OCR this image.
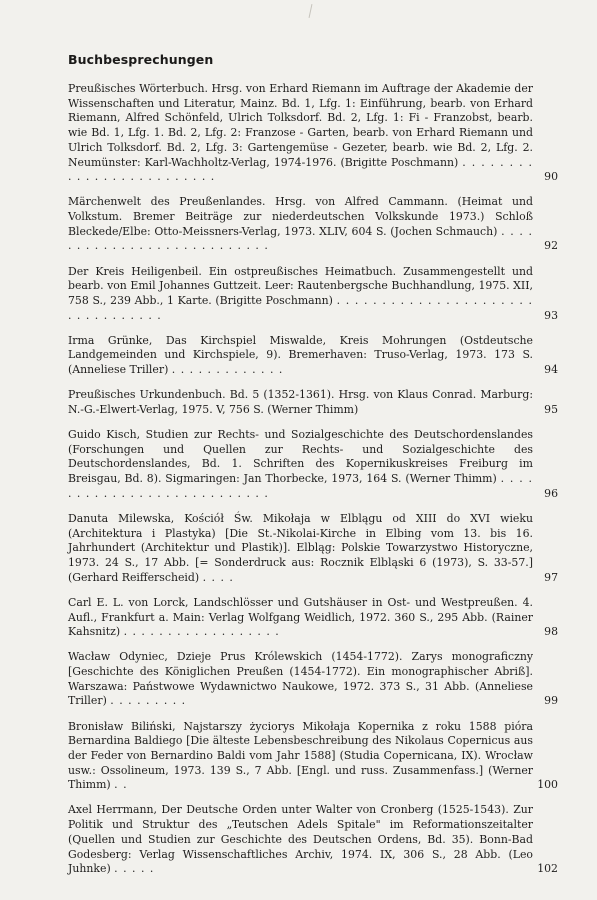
Buchbesprechungen
Preußisches Wörterbuch. Hrsg. von Erhard Riemann im Auftrage der Akademie der Wissenschaften und Literatur, Mainz. Bd. 1, Lfg. 1: Einführung, bearb. von Erhard Riemann, Alfred Schönfeld, Ulrich Tolksdorf. Bd. 2, Lfg. 1: Fi - Franzobst, bearb. wie Bd. 1, Lfg. 1. Bd. 2, Lfg. 2: Franzose - Garten, bearb. von Erhard Riemann und Ulrich Tolksdorf. Bd. 2, Lfg. 3: Gartengemüse - Gezeter, bearb. wie Bd. 2, Lfg. 2. Neumünster: Karl-Wachholtz-Verlag, 1974-1976. (Brigitte Poschmann) . . . . . . . . . . . . . . . . . . . . . . . . .	90
Märchenwelt des Preußenlandes. Hrsg. von Alfred Cammann. (Heimat und Volkstum. Bremer Beiträge zur niederdeutschen Volkskunde 1973.) Schloß Bleckede/Elbe: Otto-Meissners-Verlag, 1973. XLIV, 604 S. (Jochen Schmauch) . . . . . . . . . . . . . . . . . . . . . . . . . . .	92
Der Kreis Heiligenbeil. Ein ostpreußisches Heimatbuch. Zusammengestellt und bearb. von Emil Johannes Guttzeit. Leer: Rautenbergsche Buchhandlung, 1975. XII, 758 S., 239 Abb., 1 Karte. (Brigitte Poschmann) . . . . . . . . . . . . . . . . . . . . . . . . . . . . . . . . .	93
Irma Grünke, Das Kirchspiel Miswalde, Kreis Mohrungen (Ostdeutsche Landgemeinden und Kirchspiele, 9). Bremerhaven: Truso-Verlag, 1973. 173 S. (Anneliese Triller) . . . . . . . . . . . . .	94
Preußisches Urkundenbuch. Bd. 5 (1352-1361). Hrsg. von Klaus Conrad. Marburg: N.-G.-Elwert-Verlag, 1975. V, 756 S. (Werner Thimm)	95
Guido Kisch, Studien zur Rechts- und Sozialgeschichte des Deutschordenslandes (Forschungen und Quellen zur Rechts- und Sozialgeschichte des Deutschordenslandes, Bd. 1. Schriften des Kopernikuskreises Freiburg im Breisgau, Bd. 8). Sigmaringen: Jan Thorbecke, 1973, 164 S. (Werner Thimm) . . . . . . . . . . . . . . . . . . . . . . . . . . .	96
Danuta Milewska, Kościół Św. Mikołaja w Elblągu od XIII do XVI wieku (Architektura i Plastyka) [Die St.-Nikolai-Kirche in Elbing vom 13. bis 16. Jahrhundert (Architektur und Plastik)]. Elbląg: Polskie Towarzystwo Historyczne, 1973. 24 S., 17 Abb. [= Sonderdruck aus: Rocznik Elbląski 6 (1973), S. 33-57.] (Gerhard Reifferscheid) . . . .	97
Carl E. L. von Lorck, Landschlösser und Gutshäuser in Ost- und Westpreußen. 4. Aufl., Frankfurt a. Main: Verlag Wolfgang Weidlich, 1972. 360 S., 295 Abb. (Rainer Kahsnitz) . . . . . . . . . . . . . . . . . .	98
Wacław Odyniec, Dzieje Prus Królewskich (1454-1772). Zarys monograficzny [Geschichte des Königlichen Preußen (1454-1772). Ein monographischer Abriß]. Warszawa: Państwowe Wydawnictwo Naukowe, 1972. 373 S., 31 Abb. (Anneliese Triller) . . . . . . . . .	99
Bronisław Biliński, Najstarszy życiorys Mikołaja Kopernika z roku 1588 pióra Bernardina Baldiego [Die älteste Lebensbeschreibung des Nikolaus Copernicus aus der Feder von Bernardino Baldi vom Jahr 1588] (Studia Copernicana, IX). Wrocław usw.: Ossolineum, 1973. 139 S., 7 Abb. [Engl. und russ. Zusammenfass.] (Werner Thimm) . .	100
Axel Herrmann, Der Deutsche Orden unter Walter von Cronberg (1525-1543). Zur Politik und Struktur des „Teutschen Adels Spitale" im Reformationszeitalter (Quellen und Studien zur Geschichte des Deutschen Ordens, Bd. 35). Bonn-Bad Godesberg: Verlag Wissenschaftliches Archiv, 1974. IX, 306 S., 28 Abb. (Leo Juhnke) . . . . .	102
